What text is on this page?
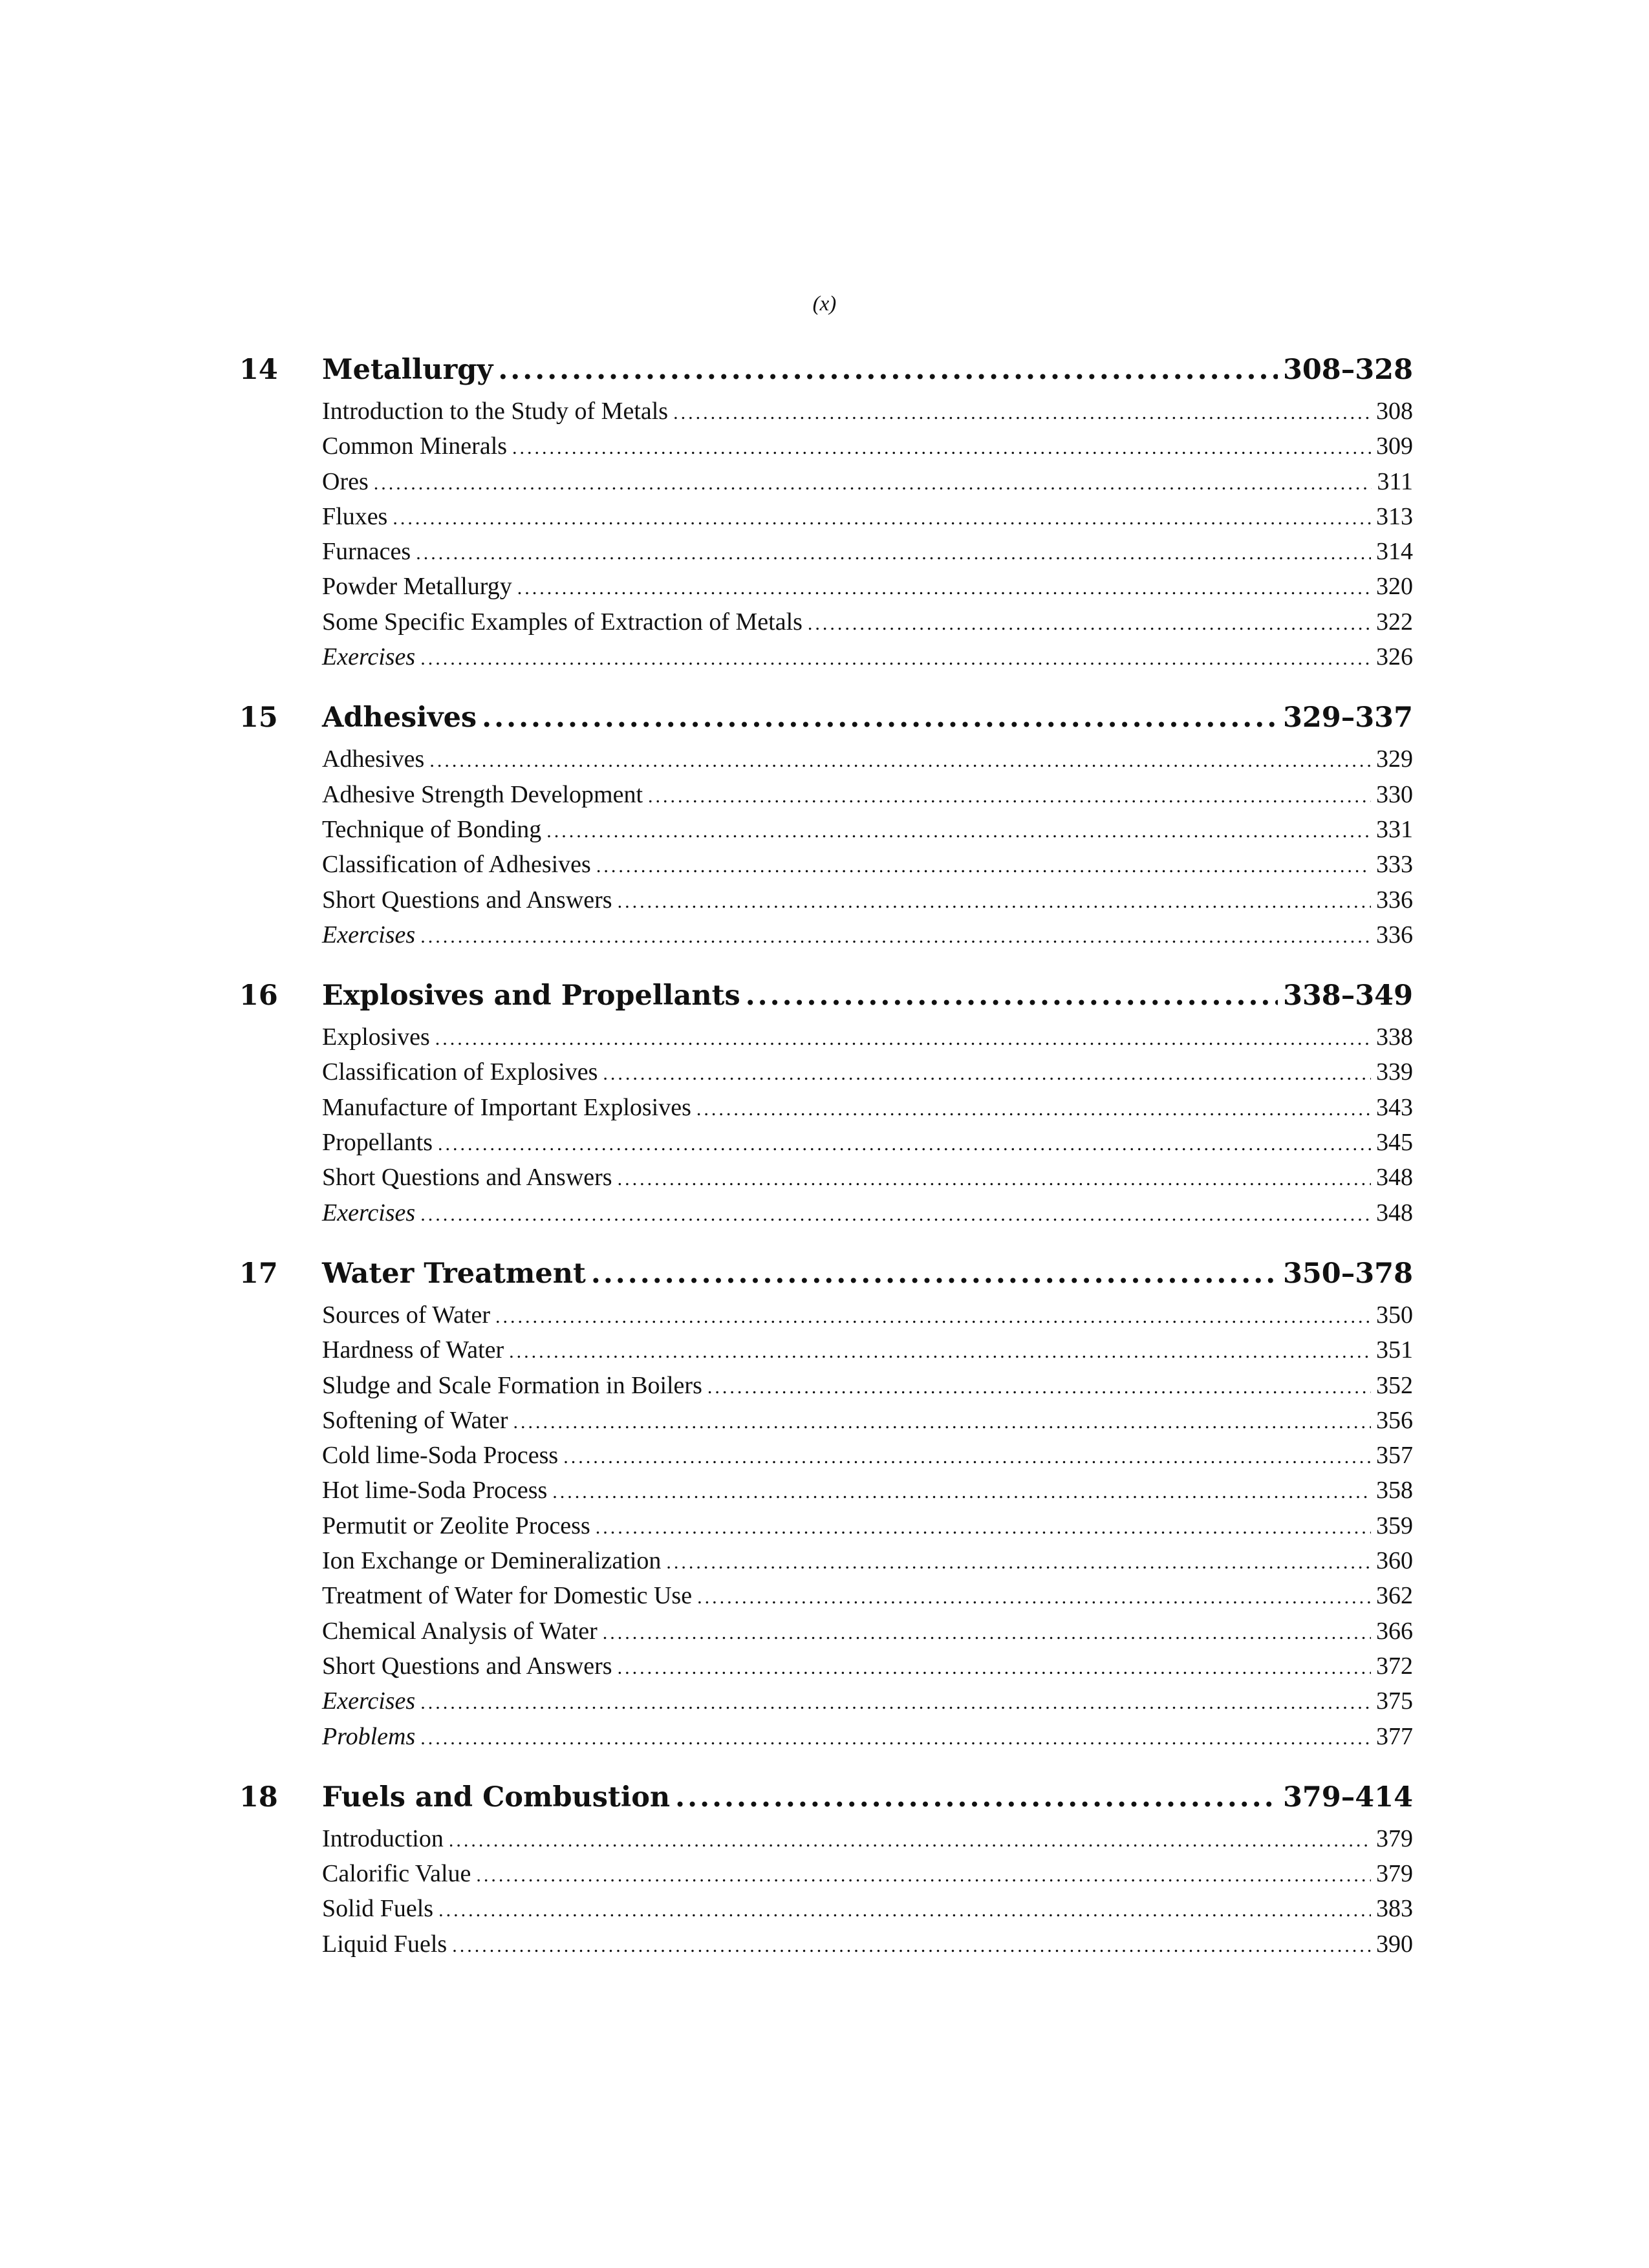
(x)
14	Metallurgy .....	308–328
Introduction to the Study of Metals .....	308
Common Minerals .....	309
Ores .....	311
Fluxes .....	313
Furnaces .....	314
Powder Metallurgy .....	320
Some Specific Examples of Extraction of Metals .....	322
Exercises .....	326
15	Adhesives .....	329–337
Adhesives .....	329
Adhesive Strength Development .....	330
Technique of Bonding .....	331
Classification of Adhesives .....	333
Short Questions and Answers .....	336
Exercises .....	336
16	Explosives and Propellants .....	338–349
Explosives .....	338
Classification of Explosives .....	339
Manufacture of Important Explosives .....	343
Propellants .....	345
Short Questions and Answers .....	348
Exercises .....	348
17	Water Treatment .....	350–378
Sources of Water .....	350
Hardness of Water .....	351
Sludge and Scale Formation in Boilers .....	352
Softening of Water .....	356
Cold lime-Soda Process .....	357
Hot lime-Soda Process .....	358
Permutit or Zeolite Process .....	359
Ion Exchange or Demineralization .....	360
Treatment of Water for Domestic Use .....	362
Chemical Analysis of Water .....	366
Short Questions and Answers .....	372
Exercises .....	375
Problems .....	377
18	Fuels and Combustion .....	379–414
Introduction .....	379
Calorific Value .....	379
Solid Fuels .....	383
Liquid Fuels .....	390
